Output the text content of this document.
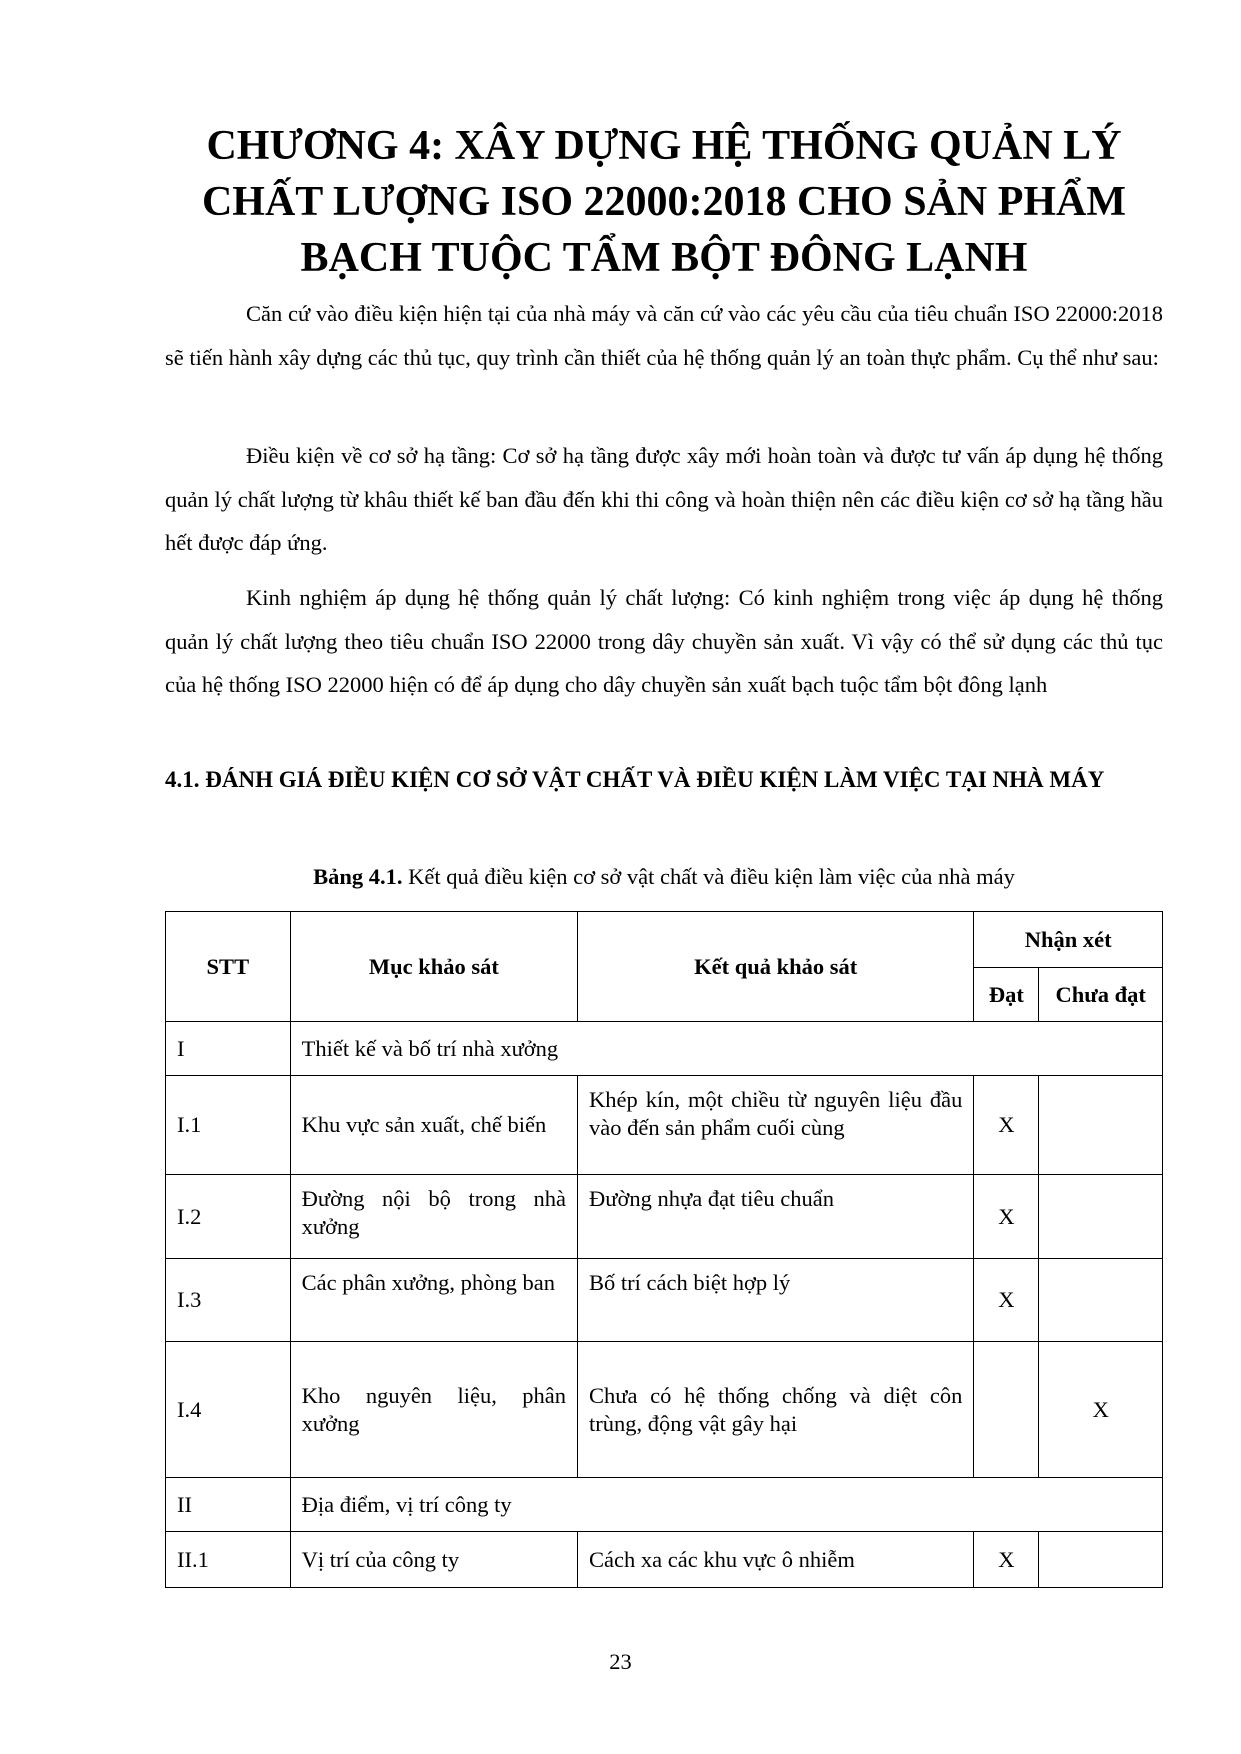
CHƯƠNG 4: XÂY DỰNG HỆ THỐNG QUẢN LÝ
CHẤT LƯỢNG ISO 22000:2018 CHO SẢN PHẨM
BẠCH TUỘC TẨM BỘT ĐÔNG LẠNH

Căn cứ vào điều kiện hiện tại của nhà máy và căn cứ vào các yêu cầu của tiêu chuẩn ISO 22000:2018 sẽ tiến hành xây dựng các thủ tục, quy trình cần thiết của hệ thống quản lý an toàn thực phẩm. Cụ thể như sau:

Điều kiện về cơ sở hạ tầng: Cơ sở hạ tầng được xây mới hoàn toàn và được tư vấn áp dụng hệ thống quản lý chất lượng từ khâu thiết kế ban đầu đến khi thi công và hoàn thiện nên các điều kiện cơ sở hạ tầng hầu hết được đáp ứng.

Kinh nghiệm áp dụng hệ thống quản lý chất lượng: Có kinh nghiệm trong việc áp dụng hệ thống quản lý chất lượng theo tiêu chuẩn ISO 22000 trong dây chuyền sản xuất. Vì vậy có thể sử dụng các thủ tục của hệ thống ISO 22000 hiện có để áp dụng cho dây chuyền sản xuất bạch tuộc tẩm bột đông lạnh

4.1. ĐÁNH GIÁ ĐIỀU KIỆN CƠ SỞ VẬT CHẤT VÀ ĐIỀU KIỆN LÀM VIỆC TẠI NHÀ MÁY

Bảng 4.1. Kết quả điều kiện cơ sở vật chất và điều kiện làm việc của nhà máy

STT	Mục khảo sát	Kết quả khảo sát	Nhận xét	
			Đạt	Chưa đạt
I	Thiết kế và bố trí nhà xưởng			
I.1	Khu vực sản xuất, chế biến	Khép kín, một chiều từ nguyên liệu đầu vào đến sản phẩm cuối cùng	X	
I.2	Đường nội bộ trong nhà xưởng	Đường nhựa đạt tiêu chuẩn	X	
I.3	Các phân xưởng, phòng ban	Bố trí cách biệt hợp lý	X	
I.4	Kho nguyên liệu, phân xưởng	Chưa có hệ thống chống và diệt côn trùng, động vật gây hại		X
II	Địa điểm, vị trí công ty			
II.1	Vị trí của công ty	Cách xa các khu vực ô nhiễm	X	

23
